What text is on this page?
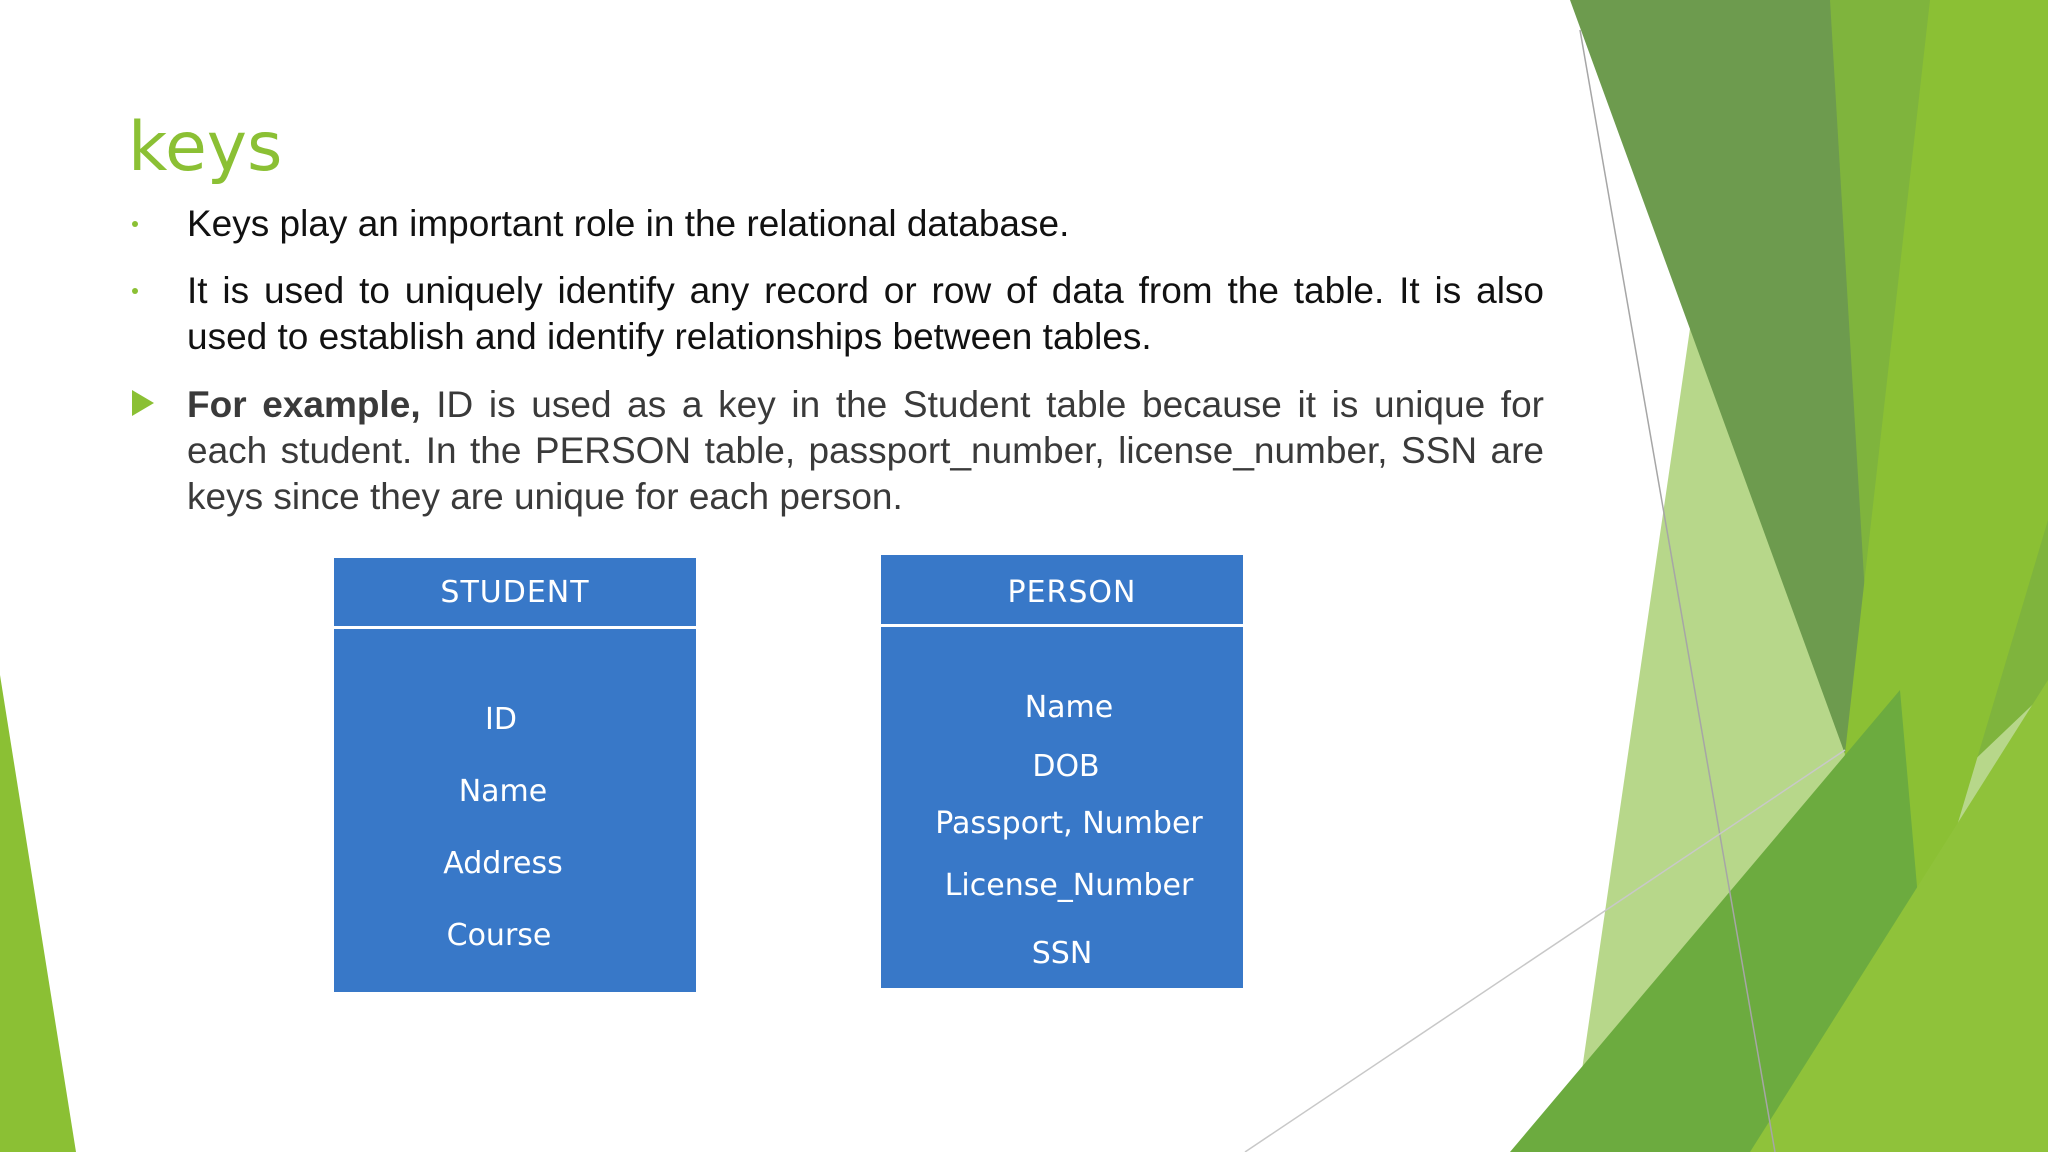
keys
Keys play an important role in the relational database.
It is used to uniquely identify any record or row of data from the table. It is also used to establish and identify relationships between tables.
For example, ID is used as a key in the Student table because it is unique for each student. In the PERSON table, passport_number, license_number, SSN are keys since they are unique for each person.
STUDENT
ID
Name
Address
Course
PERSON
Name
DOB
Passport, Number
License_Number
SSN
